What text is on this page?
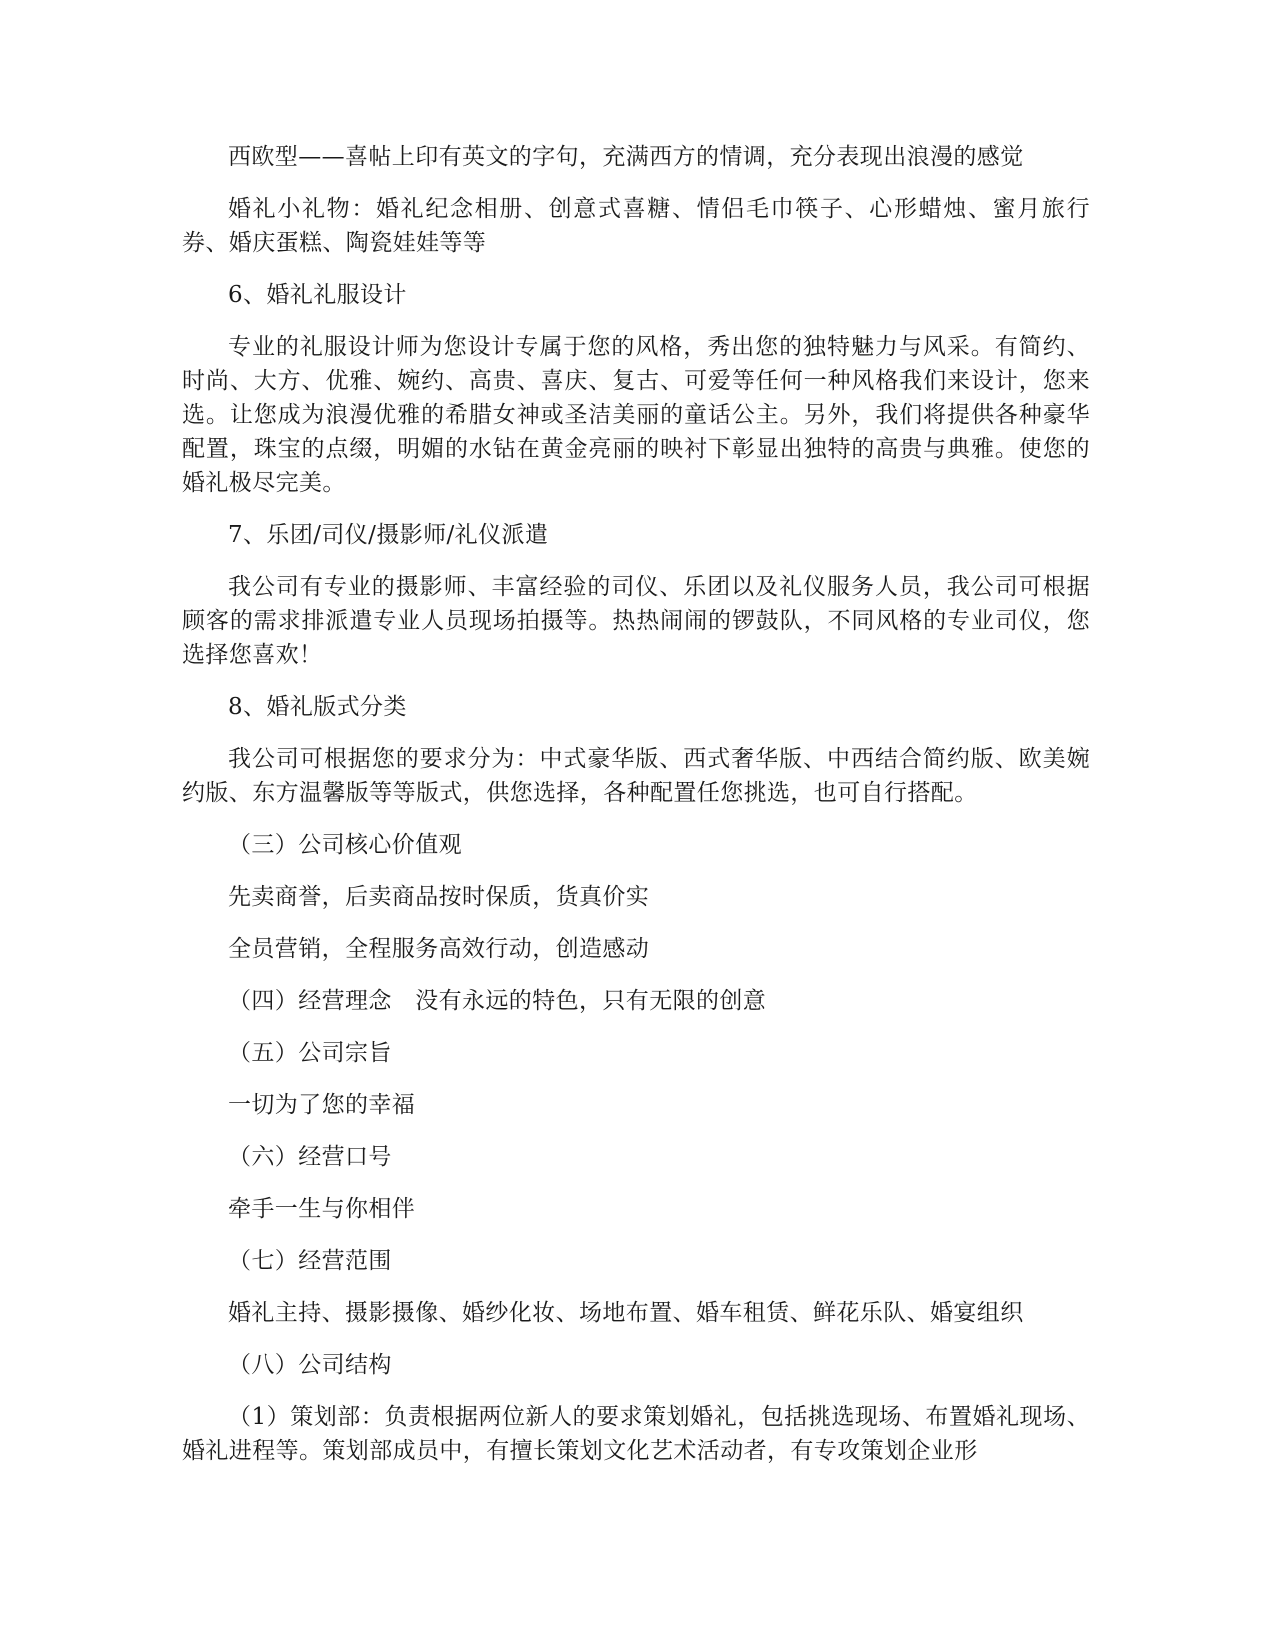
西欧型——喜帖上印有英文的字句，充满西方的情调，充分表现出浪漫的感觉

婚礼小礼物：婚礼纪念相册、创意式喜糖、情侣毛巾筷子、心形蜡烛、蜜月旅行券、婚庆蛋糕、陶瓷娃娃等等

6、婚礼礼服设计

专业的礼服设计师为您设计专属于您的风格，秀出您的独特魅力与风采。有简约、时尚、大方、优雅、婉约、高贵、喜庆、复古、可爱等任何一种风格我们来设计，您来选。让您成为浪漫优雅的希腊女神或圣洁美丽的童话公主。另外，我们将提供各种豪华配置，珠宝的点缀，明媚的水钻在黄金亮丽的映衬下彰显出独特的高贵与典雅。使您的婚礼极尽完美。

7、乐团/司仪/摄影师/礼仪派遣

我公司有专业的摄影师、丰富经验的司仪、乐团以及礼仪服务人员，我公司可根据顾客的需求排派遣专业人员现场拍摄等。热热闹闹的锣鼓队，不同风格的专业司仪，您选择您喜欢！

8、婚礼版式分类

我公司可根据您的要求分为：中式豪华版、西式奢华版、中西结合简约版、欧美婉约版、东方温馨版等等版式，供您选择，各种配置任您挑选，也可自行搭配。

（三）公司核心价值观

先卖商誉，后卖商品按时保质，货真价实

全员营销，全程服务高效行动，创造感动

（四）经营理念　没有永远的特色，只有无限的创意

（五）公司宗旨

一切为了您的幸福

（六）经营口号

牵手一生与你相伴

（七）经营范围

婚礼主持、摄影摄像、婚纱化妆、场地布置、婚车租赁、鲜花乐队、婚宴组织

（八）公司结构

（1）策划部：负责根据两位新人的要求策划婚礼，包括挑选现场、布置婚礼现场、婚礼进程等。策划部成员中，有擅长策划文化艺术活动者，有专攻策划企业形
